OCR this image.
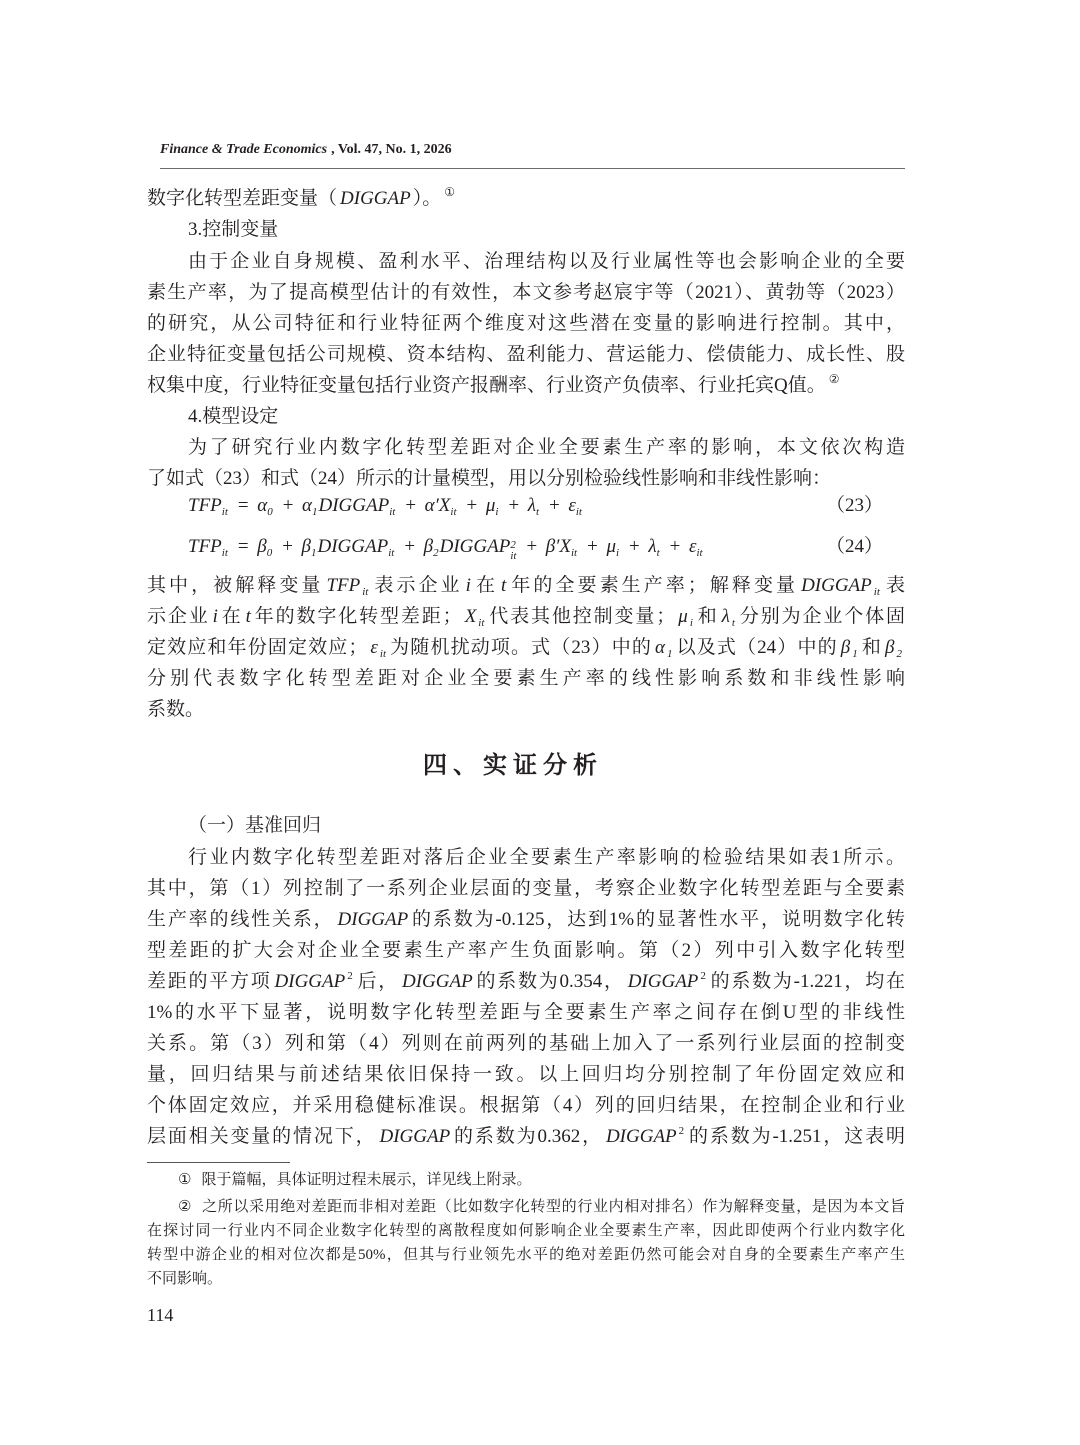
Finance & Trade Economics , Vol. 47, No. 1, 2026
数字化转型差距变量（ DIGGAP ）。 ①
3.控制变量
由于企业自身规模、盈利水平、治理结构以及行业属性等也会影响企业的全要
素生产率，为了提高模型估计的有效性，本文参考赵宸宇等（2021）、黄勃等（2023）
的研究，从公司特征和行业特征两个维度对这些潜在变量的影响进行控制。其中，
企业特征变量包括公司规模、资本结构、盈利能力、营运能力、偿债能力、成长性、股
权集中度，行业特征变量包括行业资产报酬率、行业资产负债率、行业托宾Q值。 ②
4.模型设定
为了研究行业内数字化转型差距对企业全要素生产率的影响，本文依次构造
了如式（23）和式（24）所示的计量模型，用以分别检验线性影响和非线性影响：
$TFP_{it} = \alpha_0$ + $\alpha_1DIGGAP_{it} + \alpha'X_{it} + \mu_i + \lambda_t + \varepsilon_{it}$	（23）
$TFP_{it} = \beta_0$ + $\beta_1DIGGAP_{it}$ + $\beta_2DIGGAP$ 2
it + $\beta'X_{it} + \mu_i + \lambda_t + \varepsilon_{it}$	（24）
其中，被解释变量 TFP $_{it}$ 表示企业 i 在 t 年的全要素生产率；解释变量 DIGGAP $_{it}$ 表
示企业 i 在 t 年的数字化转型差距； X $_{it}$ 代表其他控制变量； μ $_i$ 和 λ $_t$ 分别为企业个体固
定效应和年份固定效应； ε $_{it}$ 为随机扰动项。式（23）中的 α $_1$ 以及式（24）中的 β $_1$ 和 β $_2$
分别代表数字化转型差距对企业全要素生产率的线性影响系数和非线性影响
系数。
四、实证分析
（一）基准回归
行业内数字化转型差距对落后企业全要素生产率影响的检验结果如表1所示。
其中，第（1）列控制了一系列企业层面的变量，考察企业数字化转型差距与全要素
生产率的线性关系， DIGGAP 的系数为-0.125，达到1%的显著性水平，说明数字化转
型差距的扩大会对企业全要素生产率产生负面影响。第（2）列中引入数字化转型
差距的平方项 DIGGAP $^2$ 后， DIGGAP 的系数为0.354， DIGGAP $^2$ 的系数为-1.221，均在
1%的水平下显著，说明数字化转型差距与全要素生产率之间存在倒U型的非线性
关系。第（3）列和第（4）列则在前两列的基础上加入了一系列行业层面的控制变
量，回归结果与前述结果依旧保持一致。以上回归均分别控制了年份固定效应和
个体固定效应，并采用稳健标准误。根据第（4）列的回归结果，在控制企业和行业
层面相关变量的情况下， DIGGAP 的系数为0.362， DIGGAP $^2$ 的系数为-1.251，这表明
① 限于篇幅，具体证明过程未展示，详见线上附录。
② 之所以采用绝对差距而非相对差距（比如数字化转型的行业内相对排名）作为解释变量，是因为本文旨
在探讨同一行业内不同企业数字化转型的离散程度如何影响企业全要素生产率，因此即使两个行业内数字化
转型中游企业的相对位次都是50%，但其与行业领先水平的绝对差距仍然可能会对自身的全要素生产率产生
不同影响。
114
